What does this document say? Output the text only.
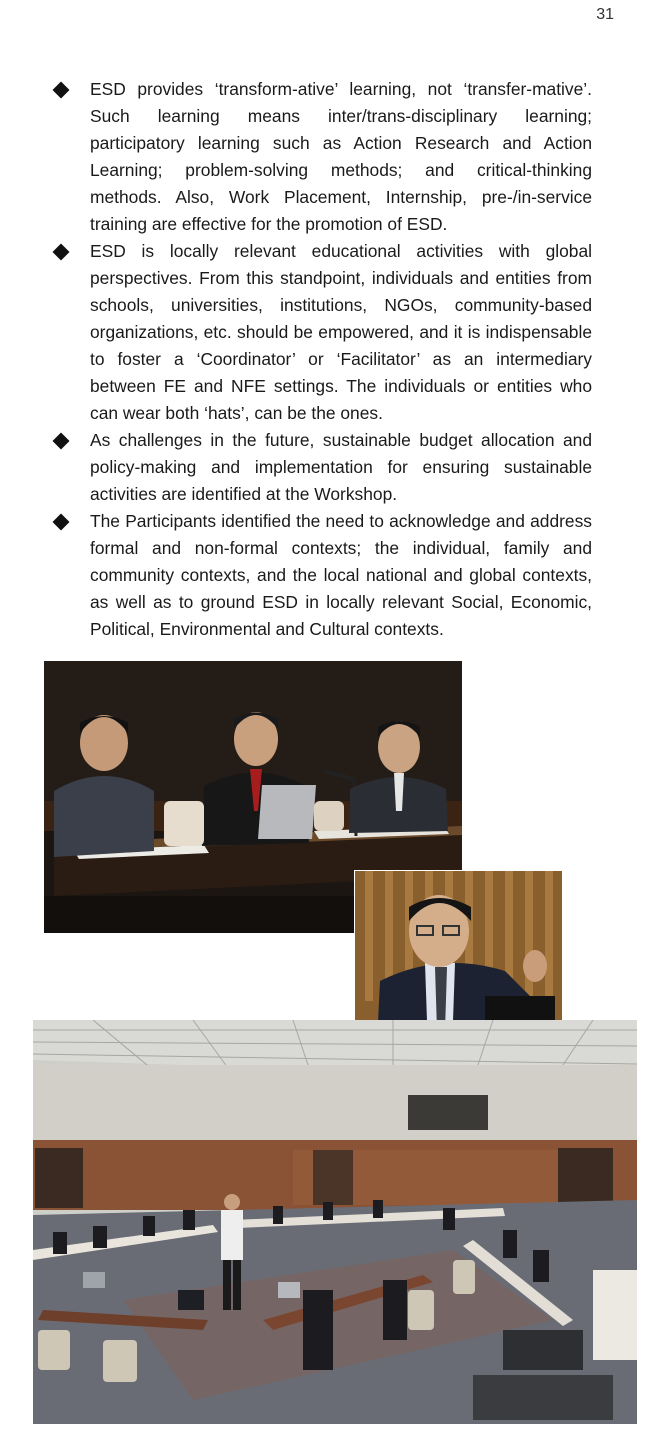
31
ESD provides ‘transform-ative’ learning, not ‘transfer-mative’. Such learning means inter/trans-disciplinary learning; participatory learning such as Action Research and Action Learning; problem-solving methods; and critical-thinking methods. Also, Work Placement, Internship, pre-/in-service training are effective for the promotion of ESD.
ESD is locally relevant educational activities with global perspectives. From this standpoint, individuals and entities from schools, universities, institutions, NGOs, community-based organizations, etc. should be empowered, and it is indispensable to foster a ‘Coordinator’ or ‘Facilitator’ as an intermediary between FE and NFE settings. The individuals or entities who can wear both ‘hats’, can be the ones.
As challenges in the future, sustainable budget allocation and policy-making and implementation for ensuring sustainable activities are identified at the Workshop.
The Participants identified the need to acknowledge and address formal and non-formal contexts; the individual, family and community contexts, and the local national and global contexts, as well as to ground ESD in locally relevant Social, Economic, Political, Environmental and Cultural contexts.
